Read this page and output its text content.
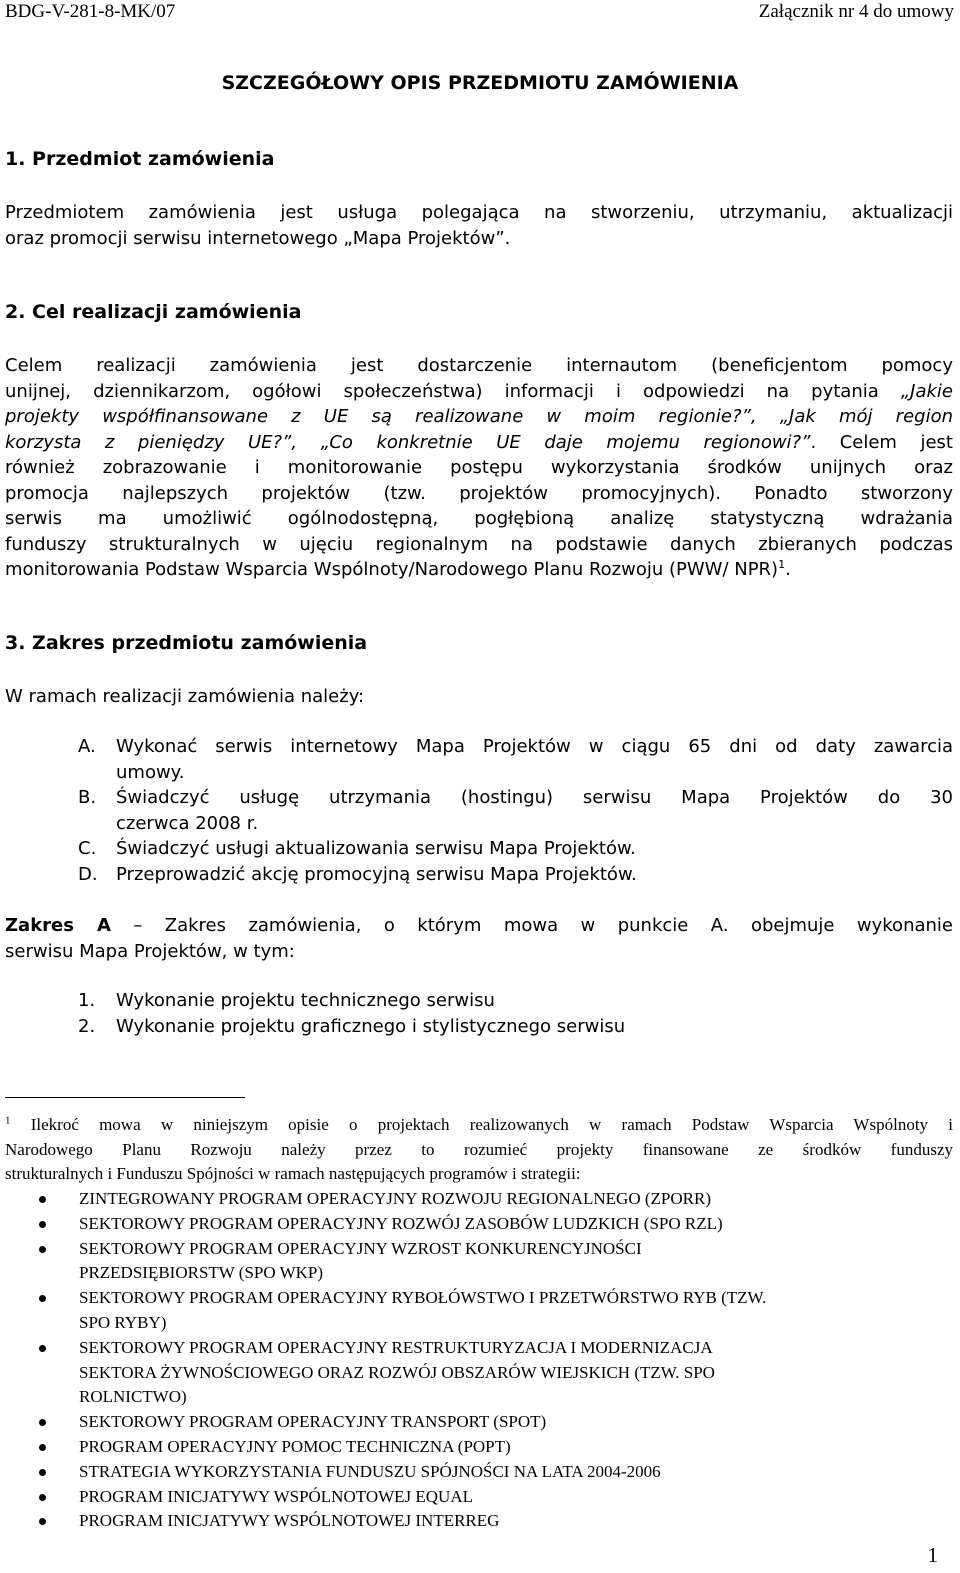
BDG-V-281-8-MK/07	Załącznik nr 4 do umowy
SZCZEGÓŁOWY OPIS PRZEDMIOTU ZAMÓWIENIA
1. Przedmiot zamówienia
Przedmiotem zamówienia jest usługa polegająca na stworzeniu, utrzymaniu, aktualizacji
oraz promocji serwisu internetowego „Mapa Projektów”.
2. Cel realizacji zamówienia
Celem realizacji zamówienia jest dostarczenie internautom (beneficjentom pomocy
unijnej, dziennikarzom, ogółowi społeczeństwa) informacji i odpowiedzi na pytania „Jakie
projekty współfinansowane z UE są realizowane w moim regionie?”, „Jak mój region
korzysta z pieniędzy UE?”, „Co konkretnie UE daje mojemu regionowi?”. Celem jest
również zobrazowanie i monitorowanie postępu wykorzystania środków unijnych oraz
promocja najlepszych projektów (tzw. projektów promocyjnych). Ponadto stworzony
serwis ma umożliwić ogólnodostępną, pogłębioną analizę statystyczną wdrażania
funduszy strukturalnych w ujęciu regionalnym na podstawie danych zbieranych podczas
monitorowania Podstaw Wsparcia Wspólnoty/Narodowego Planu Rozwoju (PWW/ NPR)$^1$.
3. Zakres przedmiotu zamówienia
W ramach realizacji zamówienia należy:
A. Wykonać serwis internetowy Mapa Projektów w ciągu 65 dni od daty zawarcia
umowy.
B. Świadczyć usługę utrzymania (hostingu) serwisu Mapa Projektów do 30
czerwca 2008 r.
C. Świadczyć usługi aktualizowania serwisu Mapa Projektów.
D. Przeprowadzić akcję promocyjną serwisu Mapa Projektów.
Zakres A – Zakres zamówienia, o którym mowa w punkcie A. obejmuje wykonanie
serwisu Mapa Projektów, w tym:
1. Wykonanie projektu technicznego serwisu
2. Wykonanie projektu graficznego i stylistycznego serwisu
$^1$ Ilekroć mowa w niniejszym opisie o projektach realizowanych w ramach Podstaw Wsparcia Wspólnoty i
Narodowego Planu Rozwoju należy przez to rozumieć projekty finansowane ze środków funduszy
strukturalnych i Funduszu Spójności w ramach następujących programów i strategii:
ZINTEGROWANY PROGRAM OPERACYJNY ROZWOJU REGIONALNEGO (ZPORR)
SEKTOROWY PROGRAM OPERACYJNY ROZWÓJ ZASOBÓW LUDZKICH (SPO RZL)
SEKTOROWY PROGRAM OPERACYJNY WZROST KONKURENCYJNOŚCI
PRZEDSIĘBIORSTW (SPO WKP)
SEKTOROWY PROGRAM OPERACYJNY RYBOŁÓWSTWO I PRZETWÓRSTWO RYB (TZW.
SPO RYBY)
SEKTOROWY PROGRAM OPERACYJNY RESTRUKTURYZACJA I MODERNIZACJA
SEKTORA ŻYWNOŚCIOWEGO ORAZ ROZWÓJ OBSZARÓW WIEJSKICH (TZW. SPO
ROLNICTWO)
SEKTOROWY PROGRAM OPERACYJNY TRANSPORT (SPOT)
PROGRAM OPERACYJNY POMOC TECHNICZNA (POPT)
STRATEGIA WYKORZYSTANIA FUNDUSZU SPÓJNOŚCI NA LATA 2004-2006
PROGRAM INICJATYWY WSPÓLNOTOWEJ EQUAL
PROGRAM INICJATYWY WSPÓLNOTOWEJ INTERREG
1
